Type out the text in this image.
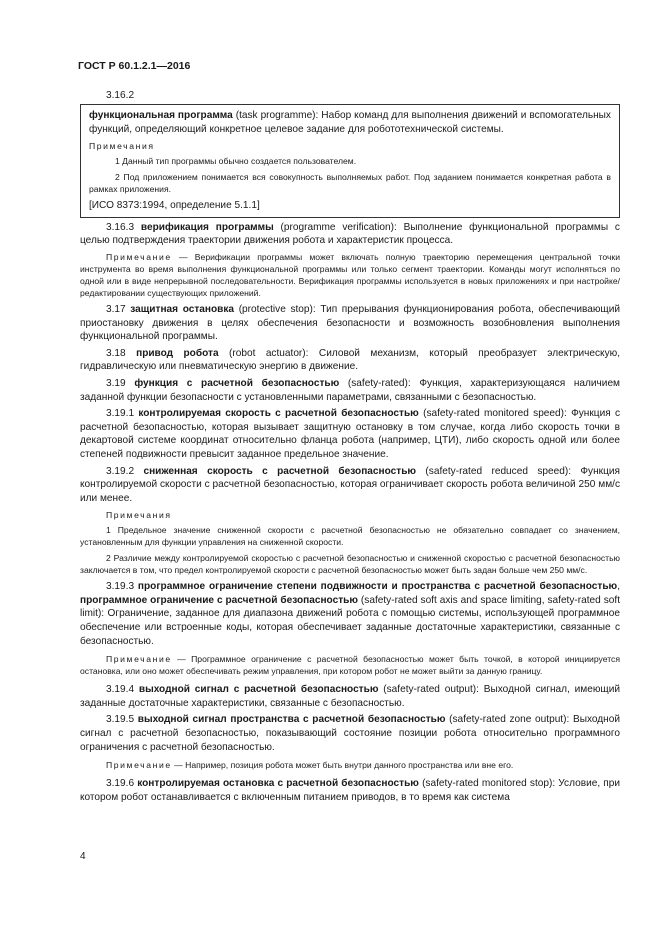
ГОСТ Р 60.1.2.1—2016
3.16.2

функциональная программа (task programme): Набор команд для выполнения движений и вспомогательных функций, определяющий конкретное целевое задание для робототехнической системы.

Примечания

1 Данный тип программы обычно создается пользователем.

2 Под приложением понимается вся совокупность выполняемых работ. Под заданием понимается конкретная работа в рамках приложения.

[ИСО 8373:1994, определение 5.1.1]

3.16.3 верификация программы (programme verification): Выполнение функциональной программы с целью подтверждения траектории движения робота и характеристик процесса.

Примечание — Верификации программы может включать полную траекторию перемещения центральной точки инструмента во время выполнения функциональной программы или только сегмент траектории. Команды могут исполняться по одной или в виде непрерывной последовательности. Верификация программы используется в новых приложениях и при настройке/редактировании существующих приложений.

3.17 защитная остановка (protective stop): Тип прерывания функционирования робота, обеспечивающий приостановку движения в целях обеспечения безопасности и возможность возобновления выполнения функциональной программы.

3.18 привод робота (robot actuator): Силовой механизм, который преобразует электрическую, гидравлическую или пневматическую энергию в движение.

3.19 функция с расчетной безопасностью (safety-rated): Функция, характеризующаяся наличием заданной функции безопасности с установленными параметрами, связанными с безопасностью.

3.19.1 контролируемая скорость с расчетной безопасностью (safety-rated monitored speed): Функция с расчетной безопасностью, которая вызывает защитную остановку в том случае, когда либо скорость точки в декартовой системе координат относительно фланца робота (например, ЦТИ), либо скорость одной или более степеней подвижности превысит заданное предельное значение.

3.19.2 сниженная скорость с расчетной безопасностью (safety-rated reduced speed): Функция контролируемой скорости с расчетной безопасностью, которая ограничивает скорость робота величиной 250 мм/с или менее.

Примечания

1 Предельное значение сниженной скорости с расчетной безопасностью не обязательно совпадает со значением, установленным для функции управления на сниженной скорости.

2 Различие между контролируемой скоростью с расчетной безопасностью и сниженной скоростью с расчетной безопасностью заключается в том, что предел контролируемой скорости с расчетной безопасностью может быть задан больше чем 250 мм/с.

3.19.3 программное ограничение степени подвижности и пространства с расчетной безопасностью, программное ограничение с расчетной безопасностью (safety-rated soft axis and space limiting, safety-rated soft limit): Ограничение, заданное для диапазона движений робота с помощью системы, использующей программное обеспечение или встроенные коды, которая обеспечивает заданные достаточные характеристики, связанные с безопасностью.

Примечание — Программное ограничение с расчетной безопасностью может быть точкой, в которой инициируется остановка, или оно может обеспечивать режим управления, при котором робот не может выйти за данную границу.

3.19.4 выходной сигнал с расчетной безопасностью (safety-rated output): Выходной сигнал, имеющий заданные достаточные характеристики, связанные с безопасностью.

3.19.5 выходной сигнал пространства с расчетной безопасностью (safety-rated zone output): Выходной сигнал с расчетной безопасностью, показывающий состояние позиции робота относительно программного ограничения с расчетной безопасностью.

Примечание — Например, позиция робота может быть внутри данного пространства или вне его.

3.19.6 контролируемая остановка с расчетной безопасностью (safety-rated monitored stop): Условие, при котором робот останавливается с включенным питанием приводов, в то время как система

4
